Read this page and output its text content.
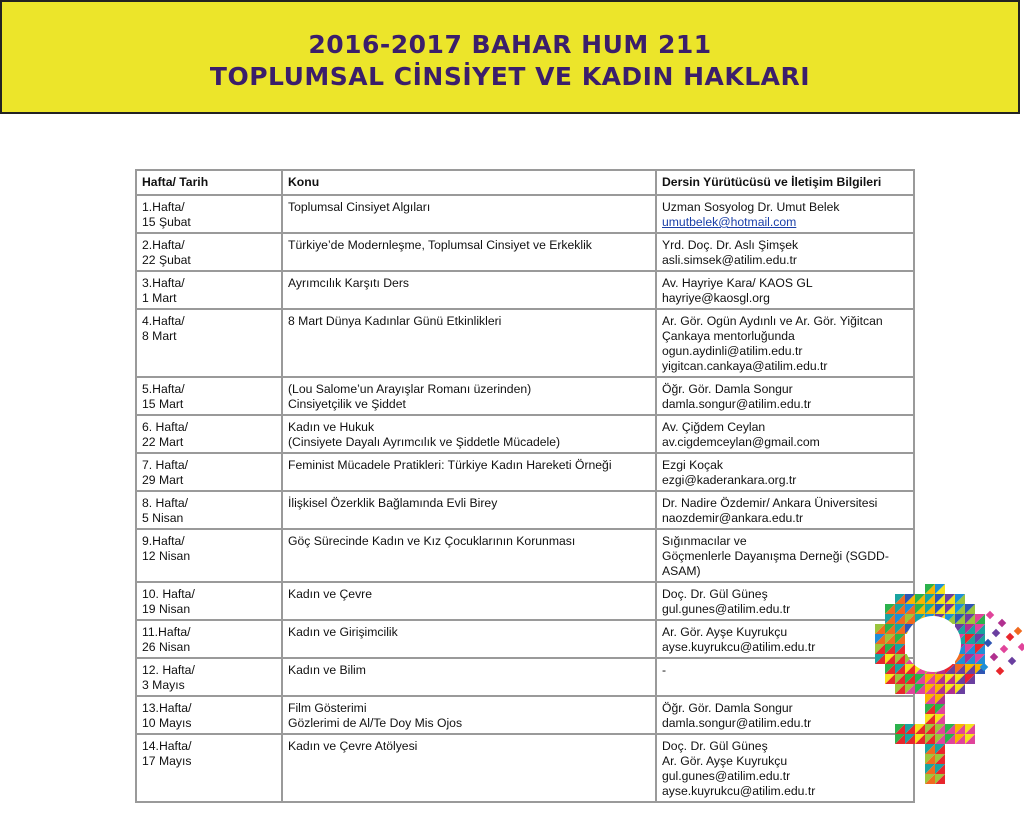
2016-2017 BAHAR HUM 211
TOPLUMSAL CİNSİYET VE KADIN HAKLARI
Hafta/ Tarih	Konu	Dersin Yürütücüsü ve İletişim Bilgileri

1.Hafta/
15 Şubat	Toplumsal Cinsiyet Algıları	Uzman Sosyolog Dr. Umut Belek
umutbelek@hotmail.com

2.Hafta/
22 Şubat	Türkiye’de Modernleşme, Toplumsal Cinsiyet ve Erkeklik	Yrd. Doç. Dr. Aslı Şimşek
asli.simsek@atilim.edu.tr

3.Hafta/
1 Mart	Ayrımcılık Karşıtı Ders	Av. Hayriye Kara/ KAOS GL
hayriye@kaosgl.org

4.Hafta/
8 Mart	8 Mart Dünya Kadınlar Günü Etkinlikleri	Ar. Gör. Ogün Aydınlı ve Ar. Gör. Yiğitcan
Çankaya mentorluğunda
ogun.aydinli@atilim.edu.tr
yigitcan.cankaya@atilim.edu.tr

5.Hafta/
15 Mart	(Lou Salome’un Arayışlar Romanı üzerinden)
Cinsiyetçilik ve Şiddet	Öğr. Gör. Damla Songur
damla.songur@atilim.edu.tr

6. Hafta/
22 Mart	Kadın ve Hukuk
(Cinsiyete Dayalı Ayrımcılık ve Şiddetle Mücadele)	Av. Çiğdem Ceylan
av.cigdemceylan@gmail.com

7. Hafta/
29 Mart	Feminist Mücadele Pratikleri: Türkiye Kadın Hareketi Örneği	Ezgi Koçak
ezgi@kaderankara.org.tr

8. Hafta/
5 Nisan	İlişkisel Özerklik Bağlamında Evli Birey	Dr. Nadire Özdemir/ Ankara Üniversitesi
naozdemir@ankara.edu.tr

9.Hafta/
12 Nisan	Göç Sürecinde Kadın ve Kız Çocuklarının Korunması	Sığınmacılar ve
Göçmenlerle Dayanışma Derneği (SGDD-
ASAM)

10. Hafta/
19 Nisan	Kadın ve Çevre	Doç. Dr. Gül Güneş
gul.gunes@atilim.edu.tr

11.Hafta/
26 Nisan	Kadın ve Girişimcilik	Ar. Gör. Ayşe Kuyrukçu
ayse.kuyrukcu@atilim.edu.tr

12. Hafta/
3 Mayıs	Kadın ve Bilim	-

13.Hafta/
10 Mayıs	Film Gösterimi
Gözlerimi de Al/Te Doy Mis Ojos	Öğr. Gör. Damla Songur
damla.songur@atilim.edu.tr

14.Hafta/
17 Mayıs	Kadın ve Çevre Atölyesi	Doç. Dr. Gül Güneş
Ar. Gör. Ayşe Kuyrukçu
gul.gunes@atilim.edu.tr
ayse.kuyrukcu@atilim.edu.tr
